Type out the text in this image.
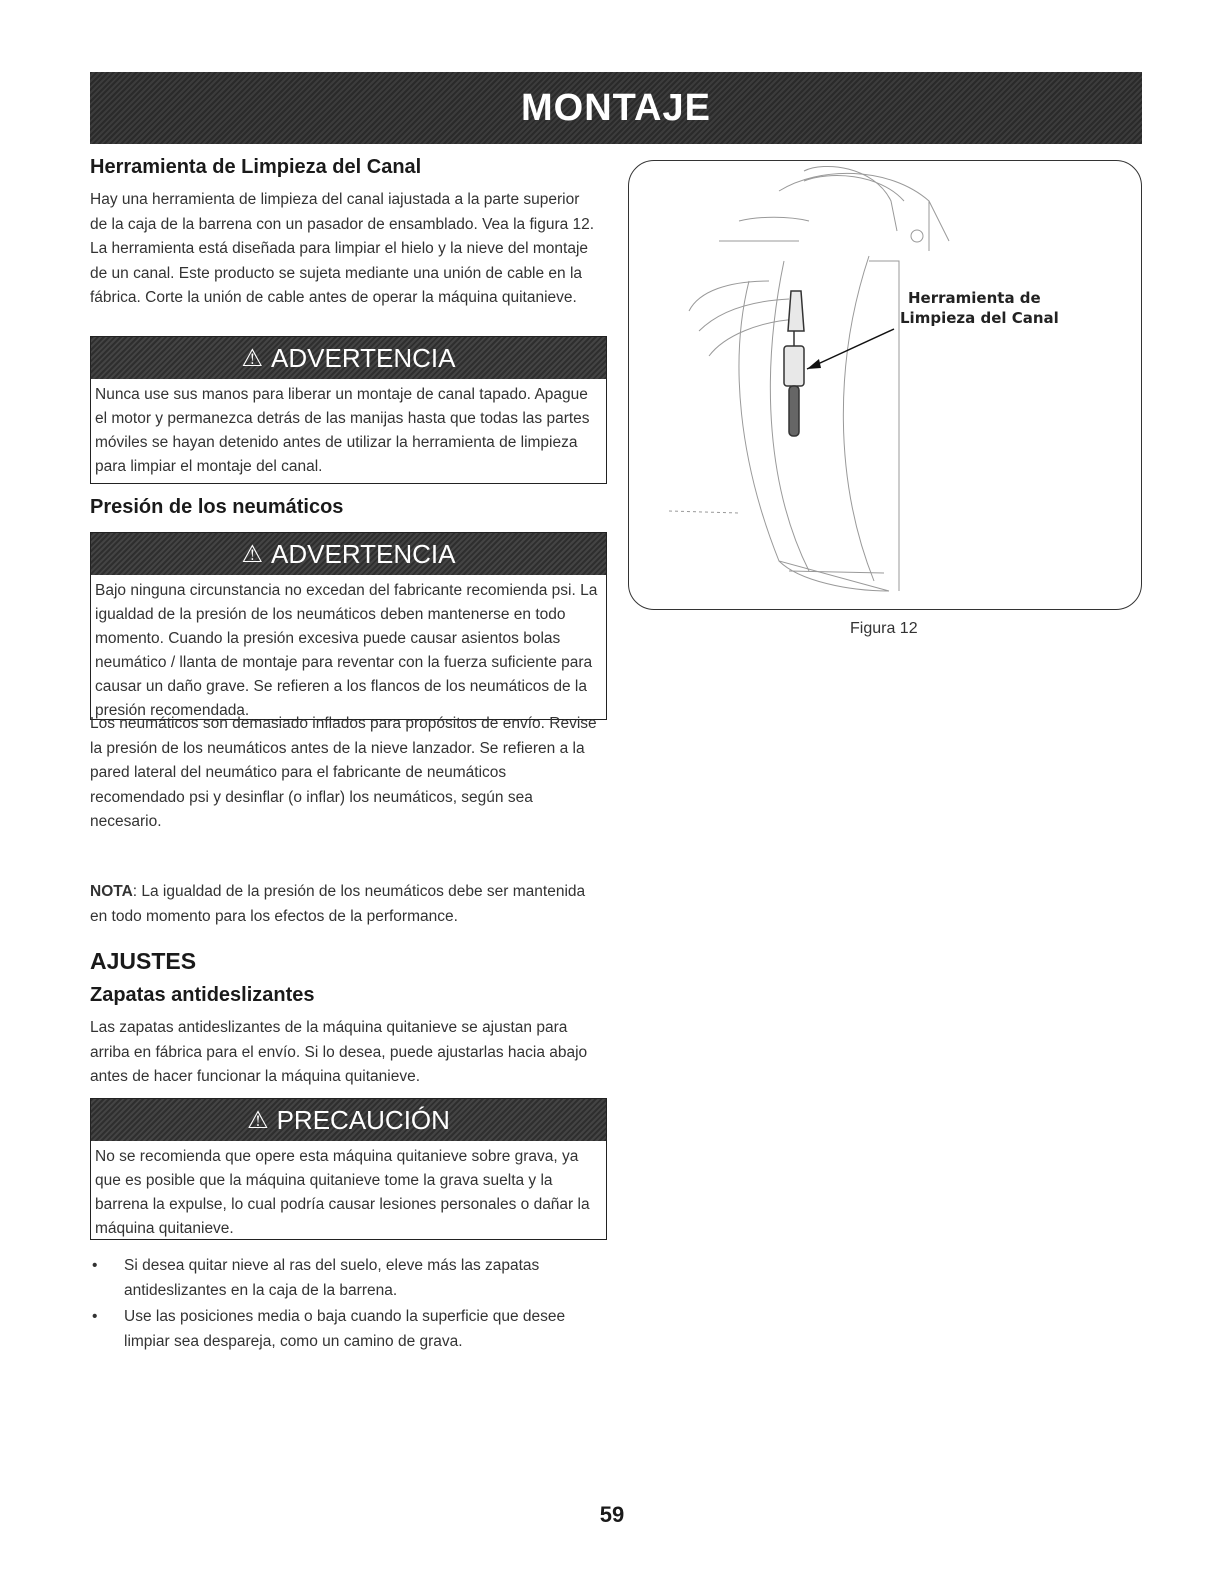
MONTAJE
Herramienta de Limpieza del Canal

Hay una herramienta de limpieza del canal iajustada a la parte superior de la caja de la barrena con un pasador de ensamblado. Vea la figura 12. La herramienta está diseñada para limpiar el hielo y la nieve del montaje de un canal. Este producto se sujeta mediante una unión de cable en la fábrica. Corte la unión de cable antes de operar la máquina quitanieve.

⚠ ADVERTENCIA
Nunca use sus manos para liberar un montaje de canal tapado. Apague el motor y permanezca detrás de las manijas hasta que todas las partes móviles se hayan detenido antes de utilizar la herramienta de limpieza para limpiar el montaje del canal.
Presión de los neumáticos
⚠ ADVERTENCIA
Bajo ninguna circunstancia no excedan del fabricante recomienda psi. La igualdad de la presión de los neumáticos deben mantenerse en todo momento. Cuando la presión excesiva puede causar asientos bolas neumático / llanta de montaje para reventar con la fuerza suficiente para causar un daño grave. Se refieren a los flancos de los neumáticos de la presión recomendada.

Los neumáticos son demasiado inflados para propósitos de envío. Revise la presión de los neumáticos antes de la nieve lanzador. Se refieren a la pared lateral del neumático para el fabricante de neumáticos recomendado psi y desinflar (o inflar) los neumáticos, según sea necesario.

NOTA: La igualdad de la presión de los neumáticos debe ser mantenida en todo momento para los efectos de la performance.

AJUSTES
Zapatas antideslizantes

Las zapatas antideslizantes de la máquina quitanieve se ajustan para arriba en fábrica para el envío. Si lo desea, puede ajustarlas hacia abajo antes de hacer funcionar la máquina quitanieve.

⚠ PRECAUCIÓN
No se recomienda que opere esta máquina quitanieve sobre grava, ya que es posible que la máquina quitanieve tome la grava suelta y la barrena la expulse, lo cual podría causar lesiones personales o dañar la máquina quitanieve.
• Si desea quitar nieve al ras del suelo, eleve más las zapatas antideslizantes en la caja de la barrena.
• Use las posiciones media o baja cuando la superficie que desee limpiar sea despareja, como un camino de grava.
Herramienta de
Limpieza del Canal
Figura 12
59
